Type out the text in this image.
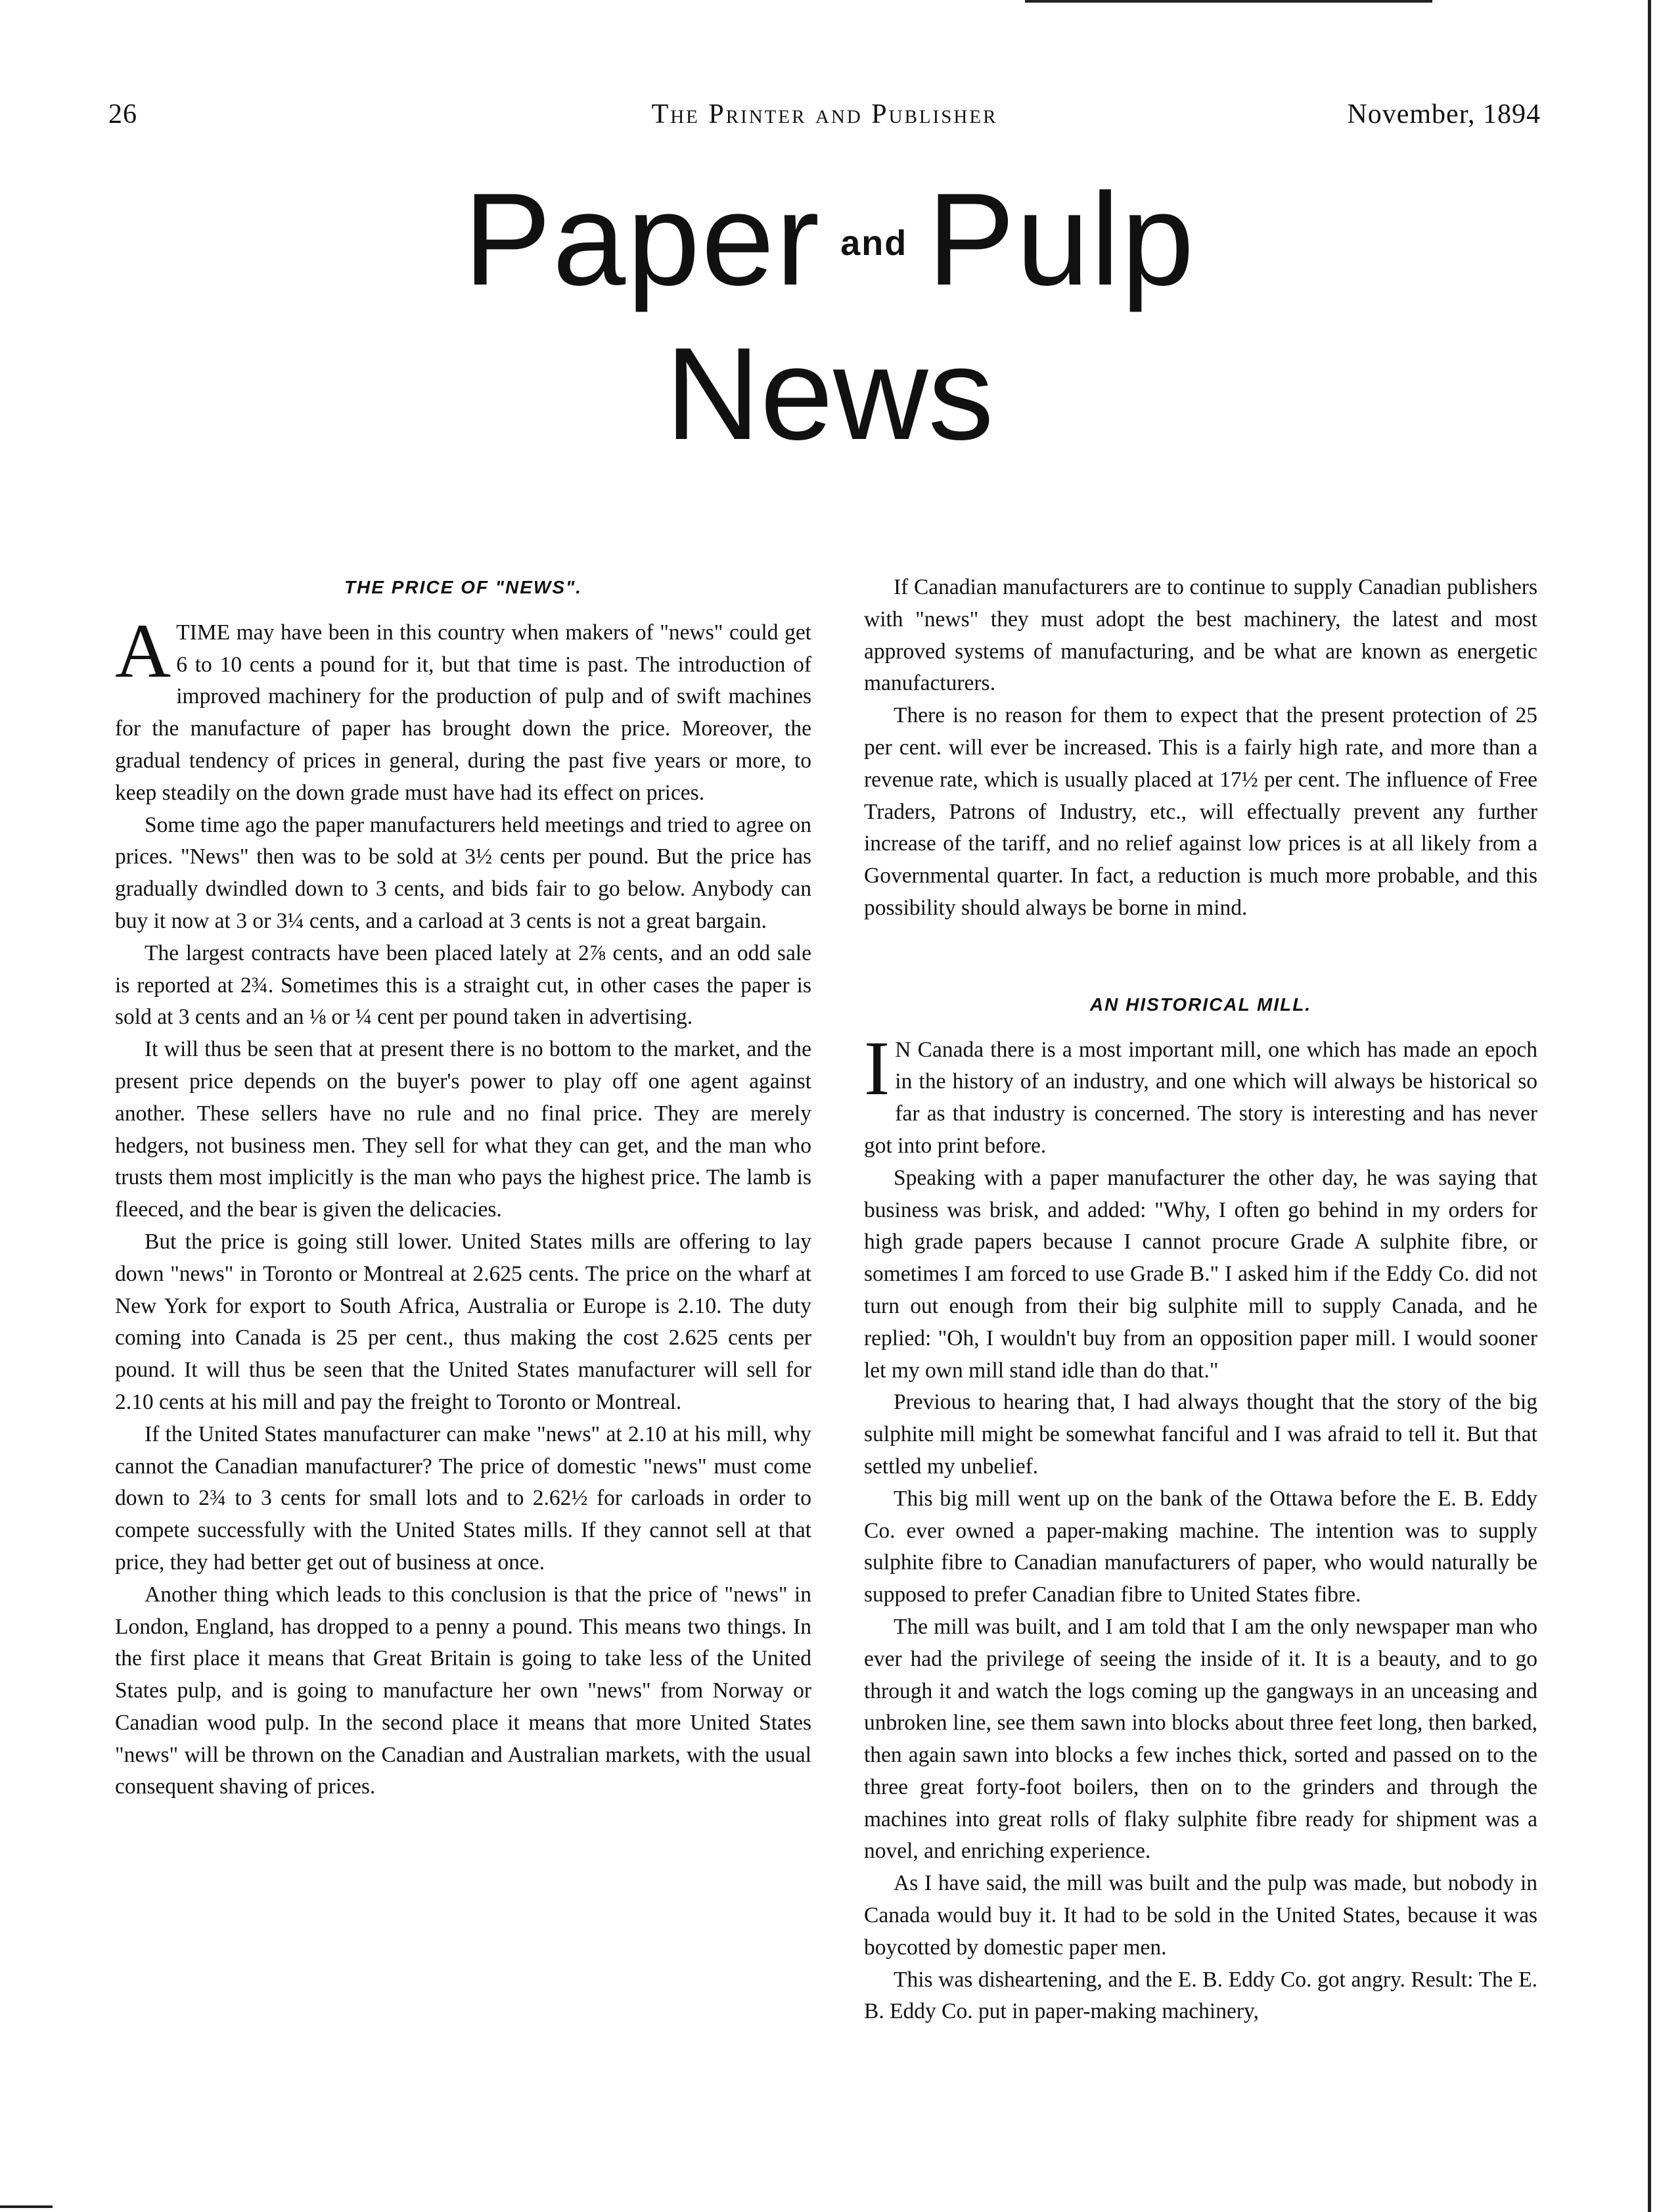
26	The Printer and Publisher	November, 1894
Paper and Pulp
News
THE PRICE OF "NEWS".

ATIME may have been in this country when makers of "news" could get 6 to 10 cents a pound for it, but that time is past. The introduction of improved machinery for the production of pulp and of swift machines for the manufacture of paper has brought down the price. Moreover, the gradual tendency of prices in general, during the past five years or more, to keep steadily on the down grade must have had its effect on prices.

Some time ago the paper manufacturers held meetings and tried to agree on prices. "News" then was to be sold at 3½ cents per pound. But the price has gradually dwindled down to 3 cents, and bids fair to go below. Anybody can buy it now at 3 or 3¼ cents, and a carload at 3 cents is not a great bargain.

The largest contracts have been placed lately at 2⅞ cents, and an odd sale is reported at 2¾. Sometimes this is a straight cut, in other cases the paper is sold at 3 cents and an ⅛ or ¼ cent per pound taken in advertising.

It will thus be seen that at present there is no bottom to the market, and the present price depends on the buyer's power to play off one agent against another. These sellers have no rule and no final price. They are merely hedgers, not business men. They sell for what they can get, and the man who trusts them most implicitly is the man who pays the highest price. The lamb is fleeced, and the bear is given the delicacies.

But the price is going still lower. United States mills are offering to lay down "news" in Toronto or Montreal at 2.625 cents. The price on the wharf at New York for export to South Africa, Australia or Europe is 2.10. The duty coming into Canada is 25 per cent., thus making the cost 2.625 cents per pound. It will thus be seen that the United States manufacturer will sell for 2.10 cents at his mill and pay the freight to Toronto or Montreal.

If the United States manufacturer can make "news" at 2.10 at his mill, why cannot the Canadian manufacturer? The price of domestic "news" must come down to 2¾ to 3 cents for small lots and to 2.62½ for carloads in order to compete successfully with the United States mills. If they cannot sell at that price, they had better get out of business at once.

Another thing which leads to this conclusion is that the price of "news" in London, England, has dropped to a penny a pound. This means two things. In the first place it means that Great Britain is going to take less of the United States pulp, and is going to manufacture her own "news" from Norway or Canadian wood pulp. In the second place it means that more United States "news" will be thrown on the Canadian and Australian markets, with the usual consequent shaving of prices.

If Canadian manufacturers are to continue to supply Canadian publishers with "news" they must adopt the best machinery, the latest and most approved systems of manufacturing, and be what are known as energetic manufacturers.

There is no reason for them to expect that the present protection of 25 per cent. will ever be increased. This is a fairly high rate, and more than a revenue rate, which is usually placed at 17½ per cent. The influence of Free Traders, Patrons of Industry, etc., will effectually prevent any further increase of the tariff, and no relief against low prices is at all likely from a Governmental quarter. In fact, a reduction is much more probable, and this possibility should always be borne in mind.

AN HISTORICAL MILL.

I N Canada there is a most important mill, one which has made an epoch in the history of an industry, and one which will always be historical so far as that industry is concerned. The story is interesting and has never got into print before.

Speaking with a paper manufacturer the other day, he was saying that business was brisk, and added: "Why, I often go behind in my orders for high grade papers because I cannot procure Grade A sulphite fibre, or sometimes I am forced to use Grade B." I asked him if the Eddy Co. did not turn out enough from their big sulphite mill to supply Canada, and he replied: "Oh, I wouldn't buy from an opposition paper mill. I would sooner let my own mill stand idle than do that."

Previous to hearing that, I had always thought that the story of the big sulphite mill might be somewhat fanciful and I was afraid to tell it. But that settled my unbelief.

This big mill went up on the bank of the Ottawa before the E. B. Eddy Co. ever owned a paper-making machine. The intention was to supply sulphite fibre to Canadian manufacturers of paper, who would naturally be supposed to prefer Canadian fibre to United States fibre.

The mill was built, and I am told that I am the only newspaper man who ever had the privilege of seeing the inside of it. It is a beauty, and to go through it and watch the logs coming up the gangways in an unceasing and unbroken line, see them sawn into blocks about three feet long, then barked, then again sawn into blocks a few inches thick, sorted and passed on to the three great forty-foot boilers, then on to the grinders and through the machines into great rolls of flaky sulphite fibre ready for shipment was a novel, and enriching experience.

As I have said, the mill was built and the pulp was made, but nobody in Canada would buy it. It had to be sold in the United States, because it was boycotted by domestic paper men.

This was disheartening, and the E. B. Eddy Co. got angry. Result: The E. B. Eddy Co. put in paper-making machinery,
